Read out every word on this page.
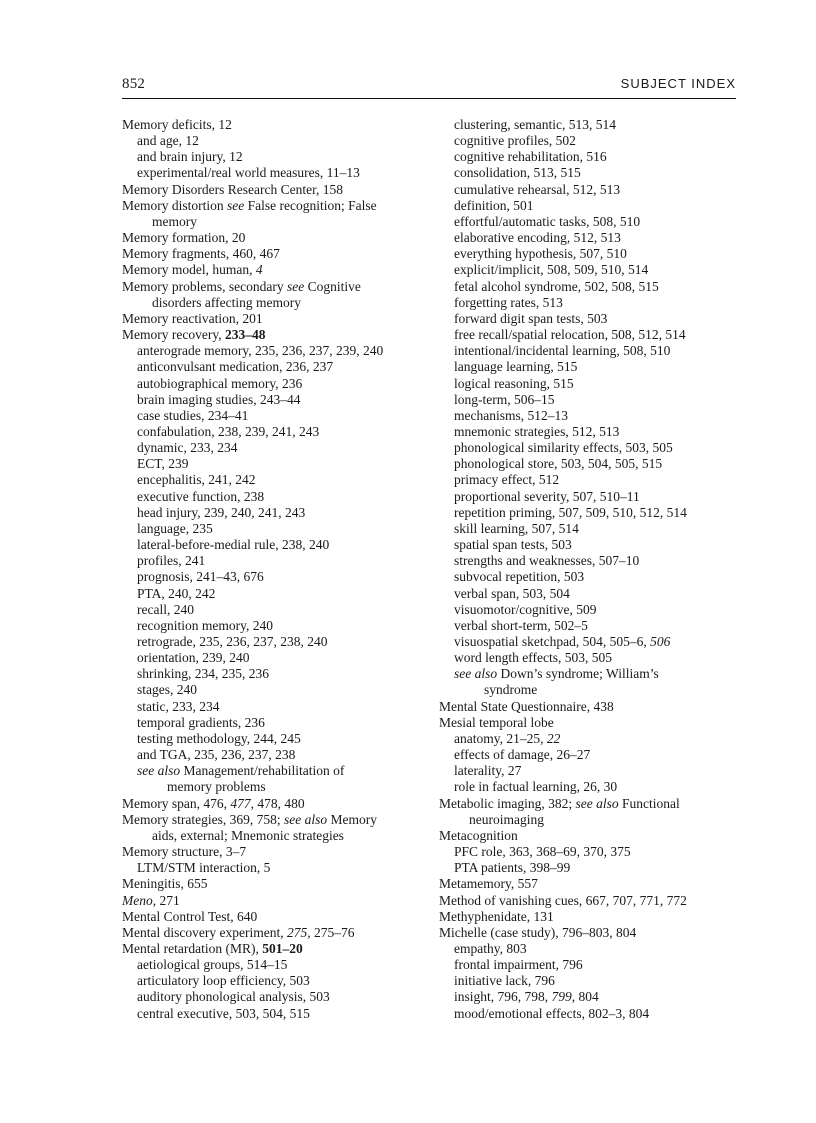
852	SUBJECT INDEX
Memory deficits, 12
and age, 12
and brain injury, 12
experimental/real world measures, 11–13
Memory Disorders Research Center, 158
Memory distortion see False recognition; False
memory
Memory formation, 20
Memory fragments, 460, 467
Memory model, human, 4
Memory problems, secondary see Cognitive
disorders affecting memory
Memory reactivation, 201
Memory recovery, 233–48
anterograde memory, 235, 236, 237, 239, 240
anticonvulsant medication, 236, 237
autobiographical memory, 236
brain imaging studies, 243–44
case studies, 234–41
confabulation, 238, 239, 241, 243
dynamic, 233, 234
ECT, 239
encephalitis, 241, 242
executive function, 238
head injury, 239, 240, 241, 243
language, 235
lateral-before-medial rule, 238, 240
profiles, 241
prognosis, 241–43, 676
PTA, 240, 242
recall, 240
recognition memory, 240
retrograde, 235, 236, 237, 238, 240
orientation, 239, 240
shrinking, 234, 235, 236
stages, 240
static, 233, 234
temporal gradients, 236
testing methodology, 244, 245
and TGA, 235, 236, 237, 238
see also Management/rehabilitation of
memory problems
Memory span, 476, 477, 478, 480
Memory strategies, 369, 758; see also Memory
aids, external; Mnemonic strategies
Memory structure, 3–7
LTM/STM interaction, 5
Meningitis, 655
Meno, 271
Mental Control Test, 640
Mental discovery experiment, 275, 275–76
Mental retardation (MR), 501–20
aetiological groups, 514–15
articulatory loop efficiency, 503
auditory phonological analysis, 503
central executive, 503, 504, 515
clustering, semantic, 513, 514
cognitive profiles, 502
cognitive rehabilitation, 516
consolidation, 513, 515
cumulative rehearsal, 512, 513
definition, 501
effortful/automatic tasks, 508, 510
elaborative encoding, 512, 513
everything hypothesis, 507, 510
explicit/implicit, 508, 509, 510, 514
fetal alcohol syndrome, 502, 508, 515
forgetting rates, 513
forward digit span tests, 503
free recall/spatial relocation, 508, 512, 514
intentional/incidental learning, 508, 510
language learning, 515
logical reasoning, 515
long-term, 506–15
mechanisms, 512–13
mnemonic strategies, 512, 513
phonological similarity effects, 503, 505
phonological store, 503, 504, 505, 515
primacy effect, 512
proportional severity, 507, 510–11
repetition priming, 507, 509, 510, 512, 514
skill learning, 507, 514
spatial span tests, 503
strengths and weaknesses, 507–10
subvocal repetition, 503
verbal span, 503, 504
visuomotor/cognitive, 509
verbal short-term, 502–5
visuospatial sketchpad, 504, 505–6, 506
word length effects, 503, 505
see also Down’s syndrome; William’s
syndrome
Mental State Questionnaire, 438
Mesial temporal lobe
anatomy, 21–25, 22
effects of damage, 26–27
laterality, 27
role in factual learning, 26, 30
Metabolic imaging, 382; see also Functional
neuroimaging
Metacognition
PFC role, 363, 368–69, 370, 375
PTA patients, 398–99
Metamemory, 557
Method of vanishing cues, 667, 707, 771, 772
Methyphenidate, 131
Michelle (case study), 796–803, 804
empathy, 803
frontal impairment, 796
initiative lack, 796
insight, 796, 798, 799, 804
mood/emotional effects, 802–3, 804
